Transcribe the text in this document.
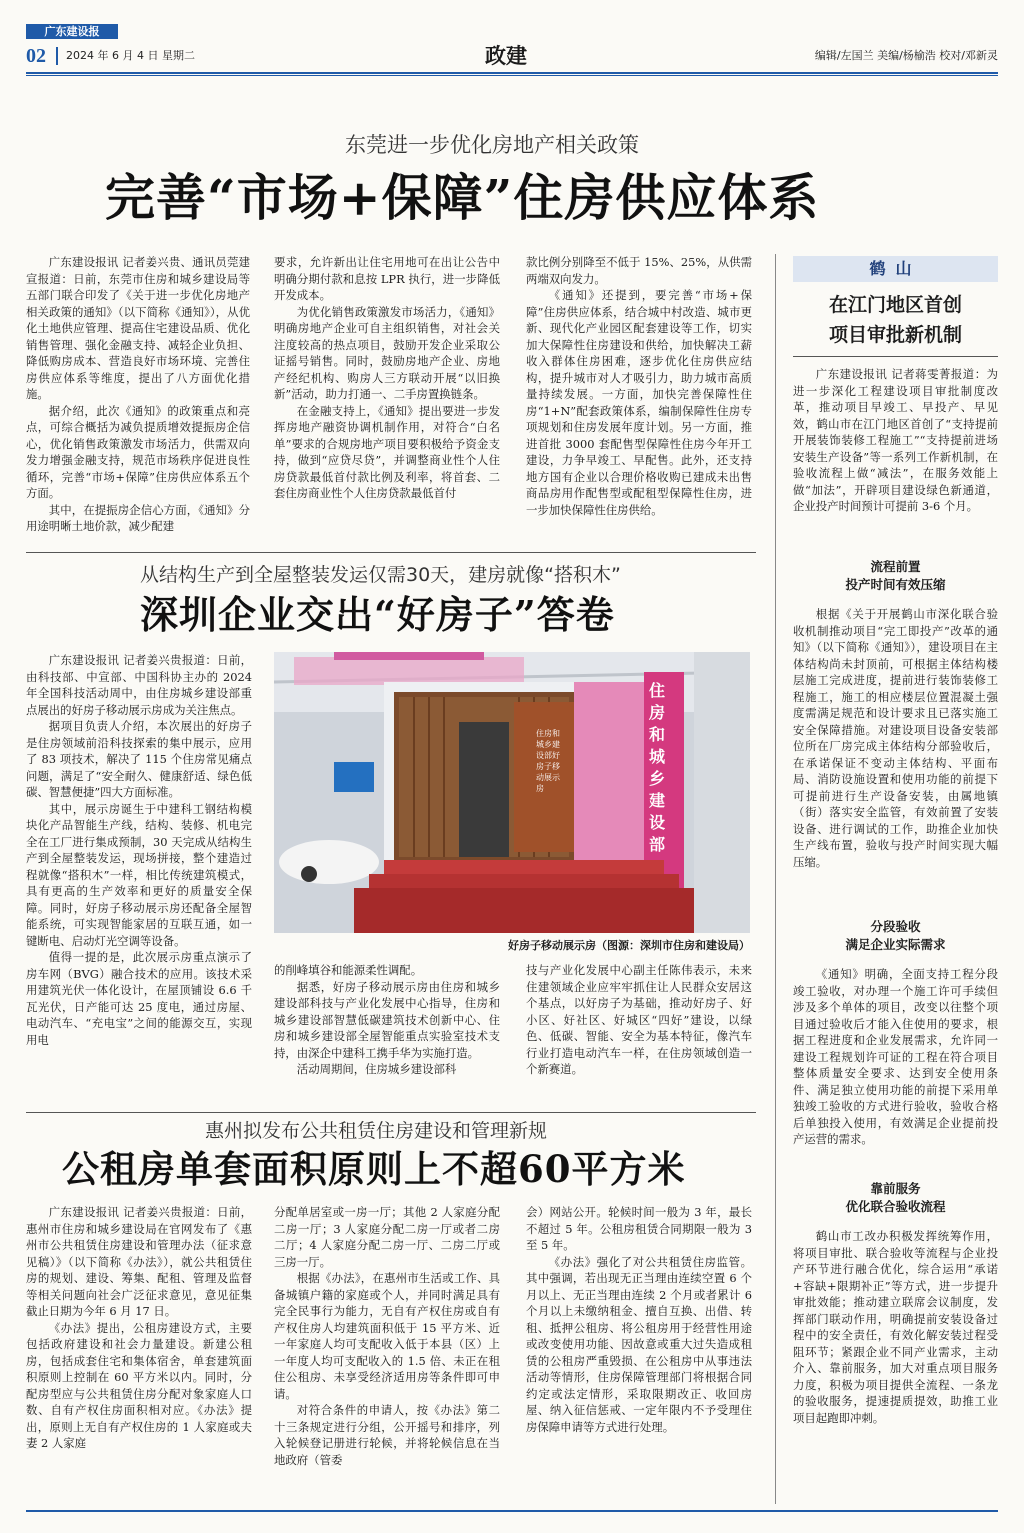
广东建设报
02 2024 年 6 月 4 日 星期二	政建	编辑/左国兰 美编/杨榆浩 校对/邓新灵
东莞进一步优化房地产相关政策
完善“市场+保障”住房供应体系

广东建设报讯 记者姜兴贵、通讯员莞建宣报道：日前，东莞市住房和城乡建设局等五部门联合印发了《关于进一步优化房地产相关政策的通知》（以下简称《通知》），从优化土地供应管理、提高住宅建设品质、优化销售管理、强化金融支持、减轻企业负担、降低购房成本、营造良好市场环境、完善住房供应体系等维度，提出了八方面优化措施。

据介绍，此次《通知》的政策重点和亮点，可综合概括为减负提质增效提振房企信心，优化销售政策激发市场活力，供需双向发力增强金融支持，规范市场秩序促进良性循环，完善“市场+保障”住房供应体系五个方面。

其中，在提振房企信心方面，《通知》分用途明晰土地价款，减少配建

要求，允许新出让住宅用地可在出让公告中明确分期付款和息按 LPR 执行，进一步降低开发成本。

为优化销售政策激发市场活力，《通知》明确房地产企业可自主组织销售，对社会关注度较高的热点项目，鼓励开发企业采取公证摇号销售。同时，鼓励房地产企业、房地产经纪机构、购房人三方联动开展“以旧换新”活动，助力打通一、二手房置换链条。

在金融支持上，《通知》提出要进一步发挥房地产融资协调机制作用，对符合“白名单”要求的合规房地产项目要积极给予资金支持，做到“应贷尽贷”，并调整商业性个人住房贷款最低首付款比例及利率，将首套、二套住房商业性个人住房贷款最低首付

款比例分别降至不低于 15%、25%，从供需两端双向发力。

《通知》还提到，要完善“市场+保障”住房供应体系，结合城中村改造、城市更新、现代化产业园区配套建设等工作，切实加大保障性住房建设和供给，加快解决工薪收入群体住房困难，逐步优化住房供应结构，提升城市对人才吸引力，助力城市高质量持续发展。一方面，加快完善保障性住房“1+N”配套政策体系，编制保障性住房专项规划和住房发展年度计划。另一方面，推进首批 3000 套配售型保障性住房今年开工建设，力争早竣工、早配售。此外，还支持地方国有企业以合理价格收购已建成未出售商品房用作配售型或配租型保障性住房，进一步加快保障性住房供给。

鹤山
在江门地区首创
项目审批新机制

广东建设报讯 记者蒋雯菁报道：为进一步深化工程建设项目审批制度改革，推动项目早竣工、早投产、早见效，鹤山市在江门地区首创了“支持提前开展装饰装修工程施工”“支持提前进场安装生产设备”等一系列工作新机制，在验收流程上做“减法”，在服务效能上做“加法”，开辟项目建设绿色新通道，企业投产时间预计可提前 3-6 个月。

流程前置
投产时间有效压缩

根据《关于开展鹤山市深化联合验收机制推动项目“完工即投产”改革的通知》（以下简称《通知》），建设项目在主体结构尚未封顶前，可根据主体结构楼层施工完成进度，提前进行装饰装修工程施工，施工的相应楼层位置混凝土强度需满足规范和设计要求且已落实施工安全保障措施。对建设项目设备安装部位所在厂房完成主体结构分部验收后，在承诺保证不变动主体结构、平面布局、消防设施设置和使用功能的前提下可提前进行生产设备安装，由属地镇（街）落实安全监管，有效前置了安装设备、进行调试的工作，助推企业加快生产线布置，验收与投产时间实现大幅压缩。

分段验收
满足企业实际需求

《通知》明确，全面支持工程分段竣工验收，对办理一个施工许可手续但涉及多个单体的项目，改变以往整个项目通过验收后才能入住使用的要求，根据工程进度和企业发展需求，允许同一建设工程规划许可证的工程在符合项目整体质量安全要求、达到安全使用条件、满足独立使用功能的前提下采用单独竣工验收的方式进行验收，验收合格后单独投入使用，有效满足企业提前投产运营的需求。

靠前服务
优化联合验收流程

鹤山市工改办积极发挥统筹作用，将项目审批、联合验收等流程与企业投产环节进行融合优化，综合运用“承诺+容缺+限期补正”等方式，进一步提升审批效能；推动建立联席会议制度，发挥部门联动作用，明确提前安装设备过程中的安全责任，有效化解安装过程受阻环节；紧跟企业不同产业需求，主动介入、靠前服务，加大对重点项目服务力度，积极为项目提供全流程、一条龙的验收服务，提速提质提效，助推工业项目起跑即冲刺。

从结构生产到全屋整装发运仅需30天，建房就像“搭积木”
深圳企业交出“好房子”答卷

广东建设报讯 记者姜兴贵报道：日前，由科技部、中宣部、中国科协主办的 2024 年全国科技活动周中，由住房城乡建设部重点展出的好房子移动展示房成为关注焦点。

据项目负责人介绍，本次展出的好房子是住房领域前沿科技探索的集中展示，应用了 83 项技术，解决了 115 个住房常见痛点问题，满足了“安全耐久、健康舒适、绿色低碳、智慧便捷”四大方面标准。

其中，展示房诞生于中建科工钢结构模块化产品智能生产线，结构、装修、机电完全在工厂进行集成预制，30 天完成从结构生产到全屋整装发运，现场拼接，整个建造过程就像“搭积木”一样，相比传统建筑模式，具有更高的生产效率和更好的质量安全保障。同时，好房子移动展示房还配备全屋智能系统，可实现智能家居的互联互通，如一键断电、启动灯光空调等设备。

值得一提的是，此次展示房重点演示了房车网（BVG）融合技术的应用。该技术采用建筑光伏一体化设计，在屋顶铺设 6.6 千瓦光伏，日产能可达 25 度电，通过房屋、电动汽车、“充电宝”之间的能源交互，实现用电

住房和城乡建设部
住房和城乡建设部好房子移动展示房
好房子移动展示房（图源：深圳市住房和建设局）

的削峰填谷和能源柔性调配。

据悉，好房子移动展示房由住房和城乡建设部科技与产业化发展中心指导，住房和城乡建设部智慧低碳建筑技术创新中心、住房和城乡建设部全屋智能重点实验室技术支持，由深企中建科工携手华为实施打造。

活动周期间，住房城乡建设部科

技与产业化发展中心副主任陈伟表示，未来住建领域企业应牢牢抓住让人民群众安居这个基点，以好房子为基础，推动好房子、好小区、好社区、好城区“四好”建设，以绿色、低碳、智能、安全为基本特征，像汽车行业打造电动汽车一样，在住房领域创造一个新赛道。

惠州拟发布公共租赁住房建设和管理新规
公租房单套面积原则上不超60平方米

广东建设报讯 记者姜兴贵报道：日前，惠州市住房和城乡建设局在官网发布了《惠州市公共租赁住房建设和管理办法（征求意见稿）》（以下简称《办法》），就公共租赁住房的规划、建设、筹集、配租、管理及监督等相关问题向社会广泛征求意见，意见征集截止日期为今年 6 月 17 日。

《办法》提出，公租房建设方式，主要包括政府建设和社会力量建设。新建公租房，包括成套住宅和集体宿舍，单套建筑面积原则上控制在 60 平方米以内。同时，分配房型应与公共租赁住房分配对象家庭人口数、自有产权住房面积相对应。《办法》提出，原则上无自有产权住房的 1 人家庭或夫妻 2 人家庭

分配单居室或一房一厅；其他 2 人家庭分配二房一厅；3 人家庭分配二房一厅或者二房二厅；4 人家庭分配二房一厅、二房二厅或三房一厅。

根据《办法》，在惠州市生活或工作、具备城镇户籍的家庭或个人，并同时满足具有完全民事行为能力，无自有产权住房或自有产权住房人均建筑面积低于 15 平方米、近一年家庭人均可支配收入低于本县（区）上一年度人均可支配收入的 1.5 倍、未正在租住公租房、未享受经济适用房等条件即可申请。

对符合条件的申请人，按《办法》第二十三条规定进行分组，公开摇号和排序，列入轮候登记册进行轮候，并将轮候信息在当地政府（管委

会）网站公开。轮候时间一般为 3 年，最长不超过 5 年。公租房租赁合同期限一般为 3 至 5 年。

《办法》强化了对公共租赁住房监管。其中强调，若出现无正当理由连续空置 6 个月以上、无正当理由连续 2 个月或者累计 6 个月以上未缴纳租金、擅自互换、出借、转租、抵押公租房、将公租房用于经营性用途或改变使用功能、因故意或重大过失造成租赁的公租房严重毁损、在公租房中从事违法活动等情形，住房保障管理部门将根据合同约定或法定情形，采取限期改正、收回房屋、纳入征信惩戒、一定年限内不予受理住房保障申请等方式进行处理。
